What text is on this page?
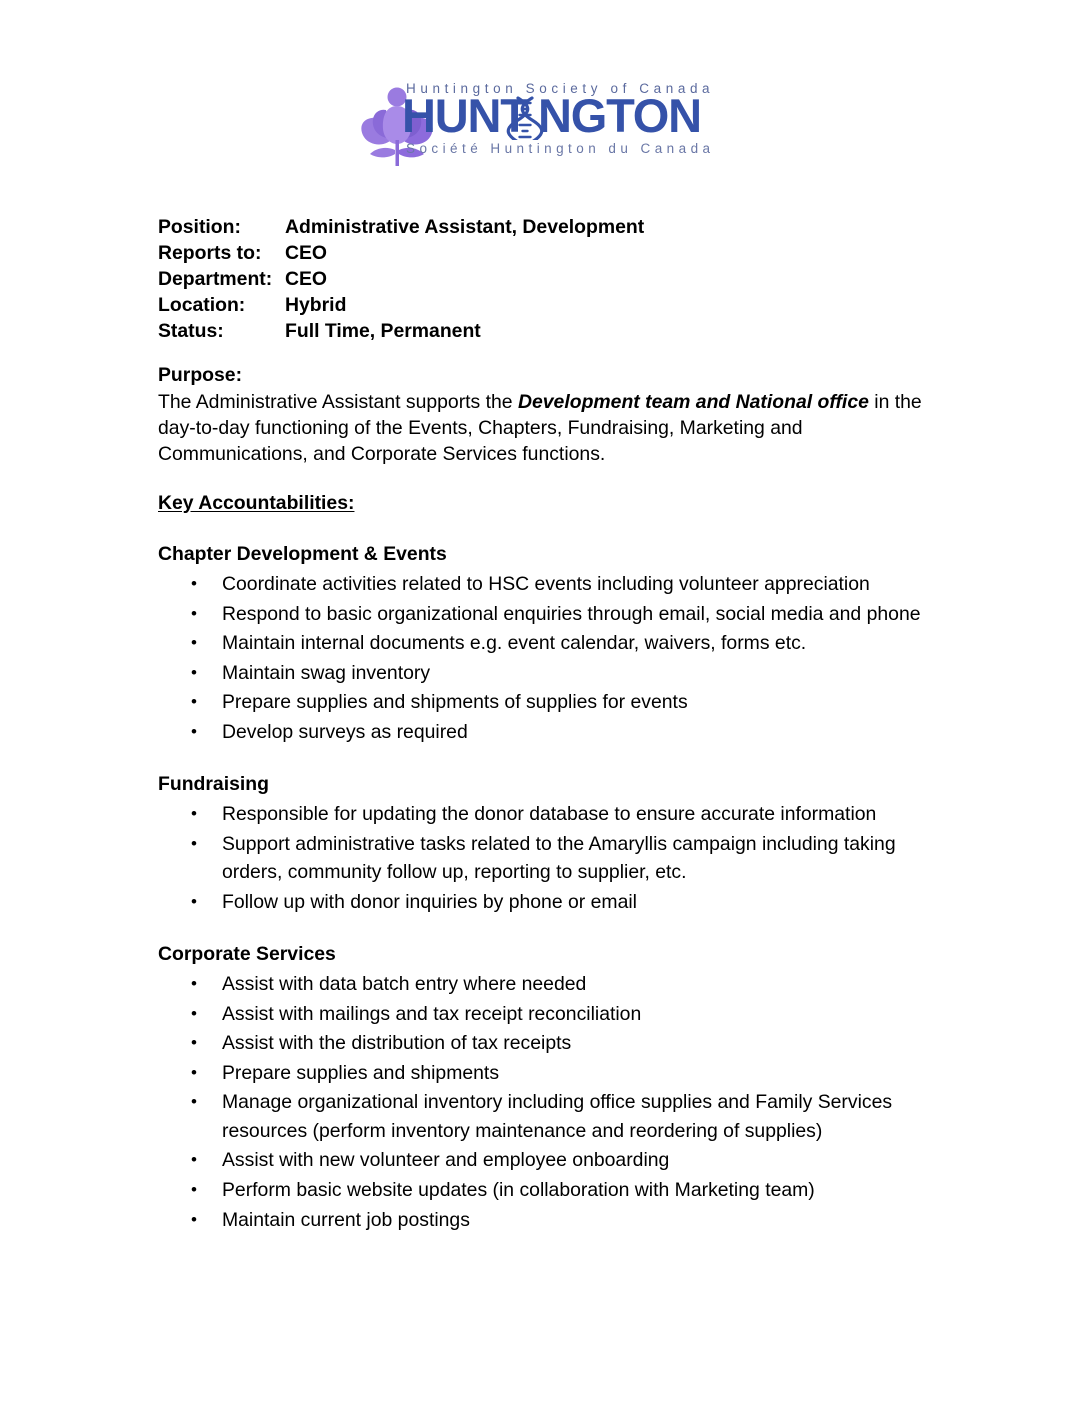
Huntington Society of Canada
HUNT NGTON
Société Huntington du Canada
Position:	Administrative Assistant, Development
Reports to:	CEO
Department: CEO
Location:	Hybrid
Status:	Full Time, Permanent
Purpose:

The Administrative Assistant supports the Development team and National office in the day-to-day functioning of the Events, Chapters, Fundraising, Marketing and Communications, and Corporate Services functions.

Key Accountabilities:
Chapter Development & Events
• Coordinate activities related to HSC events including volunteer appreciation
• Respond to basic organizational enquiries through email, social media and phone
• Maintain internal documents e.g. event calendar, waivers, forms etc.
• Maintain swag inventory
• Prepare supplies and shipments of supplies for events
• Develop surveys as required
Fundraising
• Responsible for updating the donor database to ensure accurate information
• Support administrative tasks related to the Amaryllis campaign including taking orders, community follow up, reporting to supplier, etc.
• Follow up with donor inquiries by phone or email
Corporate Services
• Assist with data batch entry where needed
• Assist with mailings and tax receipt reconciliation
• Assist with the distribution of tax receipts
• Prepare supplies and shipments
• Manage organizational inventory including office supplies and Family Services resources (perform inventory maintenance and reordering of supplies)
• Assist with new volunteer and employee onboarding
• Perform basic website updates (in collaboration with Marketing team)
• Maintain current job postings
